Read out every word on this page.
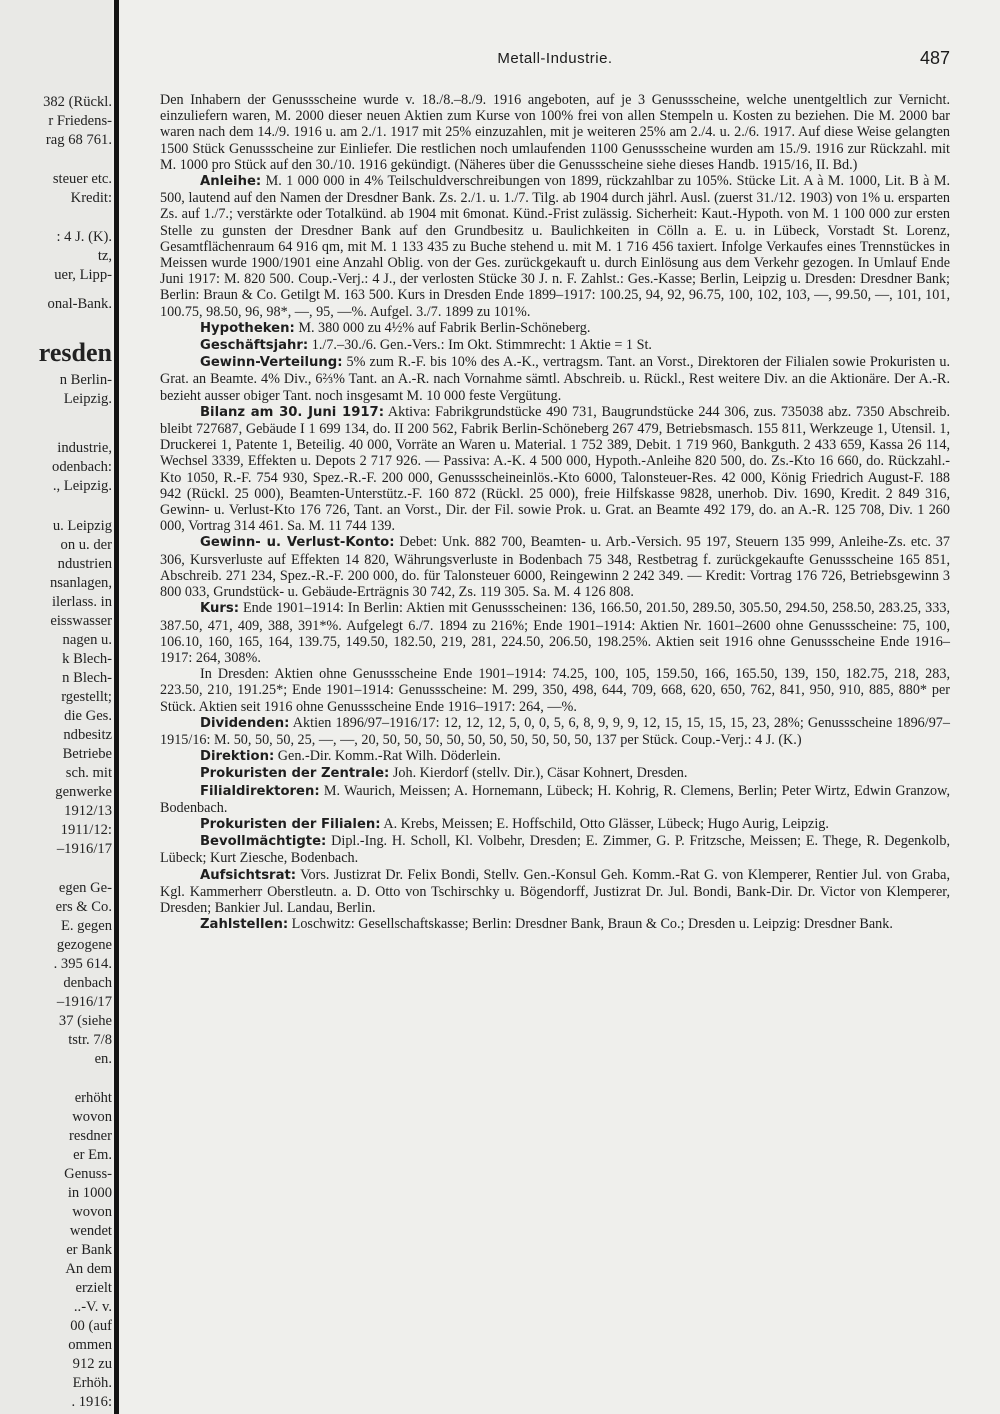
382 (Rückl.
r Friedens-
rag 68 761.
steuer etc.
Kredit:
: 4 J. (K).
tz,
uer, Lipp-
onal-Bank.
resden
n Berlin-
Leipzig.
industrie,
odenbach:
., Leipzig.
u. Leipzig
on u. der
ndustrien
nsanlagen,
ilerlass. in
eisswasser
nagen u.
k Blech-
n Blech-
rgestellt;
die Ges.
ndbesitz
Betriebe
sch. mit
genwerke
1912/13
1911/12:
–1916/17
egen Ge-
ers & Co.
E. gegen
gezogene
. 395 614.
denbach
–1916/17
37 (siehe
tstr. 7/8
en.
erhöht
wovon
resdner
er Em.
Genuss-
in 1000
wovon
wendet
er Bank
An dem
erzielt
..-V. v.
00 (auf
ommen
912 zu
Erhöh.
. 1916:
Metall-Industrie.	487

Den Inhabern der Genussscheine wurde v. 18./8.–8./9. 1916 angeboten, auf je 3 Genussscheine, welche unentgeltlich zur Vernicht. einzuliefern waren, M. 2000 dieser neuen Aktien zum Kurse von 100% frei von allen Stempeln u. Kosten zu beziehen. Die M. 2000 bar waren nach dem 14./9. 1916 u. am 2./1. 1917 mit 25% einzuzahlen, mit je weiteren 25% am 2./4. u. 2./6. 1917. Auf diese Weise gelangten 1500 Stück Genussscheine zur Einliefer. Die restlichen noch umlaufenden 1100 Genussscheine wurden am 15./9. 1916 zur Rückzahl. mit M. 1000 pro Stück auf den 30./10. 1916 gekündigt. (Näheres über die Genussscheine siehe dieses Handb. 1915/16, II. Bd.)

Anleihe: M. 1 000 000 in 4% Teilschuldverschreibungen von 1899, rückzahlbar zu 105%. Stücke Lit. A à M. 1000, Lit. B à M. 500, lautend auf den Namen der Dresdner Bank. Zs. 2./1. u. 1./7. Tilg. ab 1904 durch jährl. Ausl. (zuerst 31./12. 1903) von 1% u. ersparten Zs. auf 1./7.; verstärkte oder Totalkünd. ab 1904 mit 6monat. Künd.-Frist zulässig. Sicherheit: Kaut.-Hypoth. von M. 1 100 000 zur ersten Stelle zu gunsten der Dresdner Bank auf den Grundbesitz u. Baulichkeiten in Cölln a. E. u. in Lübeck, Vorstadt St. Lorenz, Gesamtflächenraum 64 916 qm, mit M. 1 133 435 zu Buche stehend u. mit M. 1 716 456 taxiert. Infolge Verkaufes eines Trennstückes in Meissen wurde 1900/1901 eine Anzahl Oblig. von der Ges. zurückgekauft u. durch Einlösung aus dem Verkehr gezogen. In Umlauf Ende Juni 1917: M. 820 500. Coup.-Verj.: 4 J., der verlosten Stücke 30 J. n. F. Zahlst.: Ges.-Kasse; Berlin, Leipzig u. Dresden: Dresdner Bank; Berlin: Braun & Co. Getilgt M. 163 500. Kurs in Dresden Ende 1899–1917: 100.25, 94, 92, 96.75, 100, 102, 103, —, 99.50, —, 101, 101, 100.75, 98.50, 96, 98*, —, 95, —%. Aufgel. 3./7. 1899 zu 101%.

Hypotheken: M. 380 000 zu 4½% auf Fabrik Berlin-Schöneberg.

Geschäftsjahr: 1./7.–30./6. Gen.-Vers.: Im Okt. Stimmrecht: 1 Aktie = 1 St.

Gewinn-Verteilung: 5% zum R.-F. bis 10% des A.-K., vertragsm. Tant. an Vorst., Direktoren der Filialen sowie Prokuristen u. Grat. an Beamte. 4% Div., 6⅔% Tant. an A.-R. nach Vornahme sämtl. Abschreib. u. Rückl., Rest weitere Div. an die Aktionäre. Der A.-R. bezieht ausser obiger Tant. noch insgesamt M. 10 000 feste Vergütung.

Bilanz am 30. Juni 1917: Aktiva: Fabrikgrundstücke 490 731, Baugrundstücke 244 306, zus. 735038 abz. 7350 Abschreib. bleibt 727687, Gebäude I 1 699 134, do. II 200 562, Fabrik Berlin-Schöneberg 267 479, Betriebsmasch. 155 811, Werkzeuge 1, Utensil. 1, Druckerei 1, Patente 1, Beteilig. 40 000, Vorräte an Waren u. Material. 1 752 389, Debit. 1 719 960, Bankguth. 2 433 659, Kassa 26 114, Wechsel 3339, Effekten u. Depots 2 717 926. — Passiva: A.-K. 4 500 000, Hypoth.-Anleihe 820 500, do. Zs.-Kto 16 660, do. Rückzahl.-Kto 1050, R.-F. 754 930, Spez.-R.-F. 200 000, Genussscheineinlös.-Kto 6000, Talonsteuer-Res. 42 000, König Friedrich August-F. 188 942 (Rückl. 25 000), Beamten-Unterstütz.-F. 160 872 (Rückl. 25 000), freie Hilfskasse 9828, unerhob. Div. 1690, Kredit. 2 849 316, Gewinn- u. Verlust-Kto 176 726, Tant. an Vorst., Dir. der Fil. sowie Prok. u. Grat. an Beamte 492 179, do. an A.-R. 125 708, Div. 1 260 000, Vortrag 314 461. Sa. M. 11 744 139.

Gewinn- u. Verlust-Konto: Debet: Unk. 882 700, Beamten- u. Arb.-Versich. 95 197, Steuern 135 999, Anleihe-Zs. etc. 37 306, Kursverluste auf Effekten 14 820, Währungsverluste in Bodenbach 75 348, Restbetrag f. zurückgekaufte Genussscheine 165 851, Abschreib. 271 234, Spez.-R.-F. 200 000, do. für Talonsteuer 6000, Reingewinn 2 242 349. — Kredit: Vortrag 176 726, Betriebsgewinn 3 800 033, Grundstück- u. Gebäude-Erträgnis 30 742, Zs. 119 305. Sa. M. 4 126 808.

Kurs: Ende 1901–1914: In Berlin: Aktien mit Genussscheinen: 136, 166.50, 201.50, 289.50, 305.50, 294.50, 258.50, 283.25, 333, 387.50, 471, 409, 388, 391*%. Aufgelegt 6./7. 1894 zu 216%; Ende 1901–1914: Aktien Nr. 1601–2600 ohne Genussscheine: 75, 100, 106.10, 160, 165, 164, 139.75, 149.50, 182.50, 219, 281, 224.50, 206.50, 198.25%. Aktien seit 1916 ohne Genussscheine Ende 1916–1917: 264, 308%.

In Dresden: Aktien ohne Genussscheine Ende 1901–1914: 74.25, 100, 105, 159.50, 166, 165.50, 139, 150, 182.75, 218, 283, 223.50, 210, 191.25*; Ende 1901–1914: Genussscheine: M. 299, 350, 498, 644, 709, 668, 620, 650, 762, 841, 950, 910, 885, 880* per Stück. Aktien seit 1916 ohne Genussscheine Ende 1916–1917: 264, —%.

Dividenden: Aktien 1896/97–1916/17: 12, 12, 12, 5, 0, 0, 5, 6, 8, 9, 9, 9, 12, 15, 15, 15, 15, 23, 28%; Genussscheine 1896/97–1915/16: M. 50, 50, 50, 25, —, —, 20, 50, 50, 50, 50, 50, 50, 50, 50, 50, 50, 137 per Stück. Coup.-Verj.: 4 J. (K.)

Direktion: Gen.-Dir. Komm.-Rat Wilh. Döderlein.

Prokuristen der Zentrale: Joh. Kierdorf (stellv. Dir.), Cäsar Kohnert, Dresden.

Filialdirektoren: M. Waurich, Meissen; A. Hornemann, Lübeck; H. Kohrig, R. Clemens, Berlin; Peter Wirtz, Edwin Granzow, Bodenbach.

Prokuristen der Filialen: A. Krebs, Meissen; E. Hoffschild, Otto Glässer, Lübeck; Hugo Aurig, Leipzig.

Bevollmächtigte: Dipl.-Ing. H. Scholl, Kl. Volbehr, Dresden; E. Zimmer, G. P. Fritzsche, Meissen; E. Thege, R. Degenkolb, Lübeck; Kurt Ziesche, Bodenbach.

Aufsichtsrat: Vors. Justizrat Dr. Felix Bondi, Stellv. Gen.-Konsul Geh. Komm.-Rat G. von Klemperer, Rentier Jul. von Graba, Kgl. Kammerherr Oberstleutn. a. D. Otto von Tschirschky u. Bögendorff, Justizrat Dr. Jul. Bondi, Bank-Dir. Dr. Victor von Klemperer, Dresden; Bankier Jul. Landau, Berlin.

Zahlstellen: Loschwitz: Gesellschaftskasse; Berlin: Dresdner Bank, Braun & Co.; Dresden u. Leipzig: Dresdner Bank.
